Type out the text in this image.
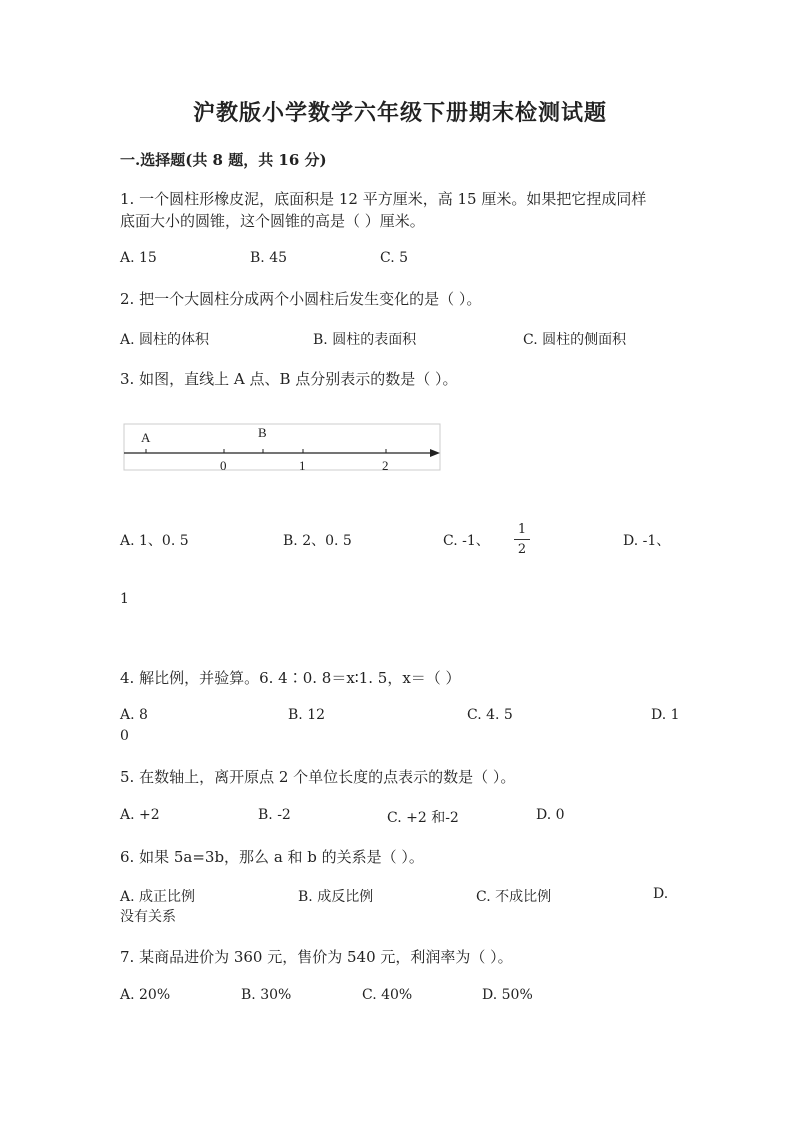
沪教版小学数学六年级下册期末检测试题
一.选择题(共 8 题，共 16 分)
1. 一个圆柱形橡皮泥，底面积是 12 平方厘米，高 15 厘米。如果把它捏成同样
底面大小的圆锥，这个圆锥的高是（ ）厘米。
A. 15	B. 45	C. 5
2. 把一个大圆柱分成两个小圆柱后发生变化的是（ ）。
A. 圆柱的体积	B. 圆柱的表面积	C. 圆柱的侧面积
3. 如图，直线上 A 点、B 点分别表示的数是（ ）。
A	B
0	1	2
A. 1、0. 5	B. 2、0. 5	C. -1、
1
2
D. -1、
1
4. 解比例，并验算。6. 4∶0. 8＝x∶1. 5，x＝（ ）
A. 8	B. 12	C. 4. 5	D. 1
0
5. 在数轴上，离开原点 2 个单位长度的点表示的数是（ ）。
A. +2	B. -2	C. +2 和-2	D. 0
6. 如果 5a=3b，那么 a 和 b 的关系是（ ）。
A. 成正比例	B. 成反比例	C. 不成比例	D.
没有关系
7. 某商品进价为 360 元，售价为 540 元，利润率为（ ）。
A. 20%	B. 30%	C. 40%	D. 50%
